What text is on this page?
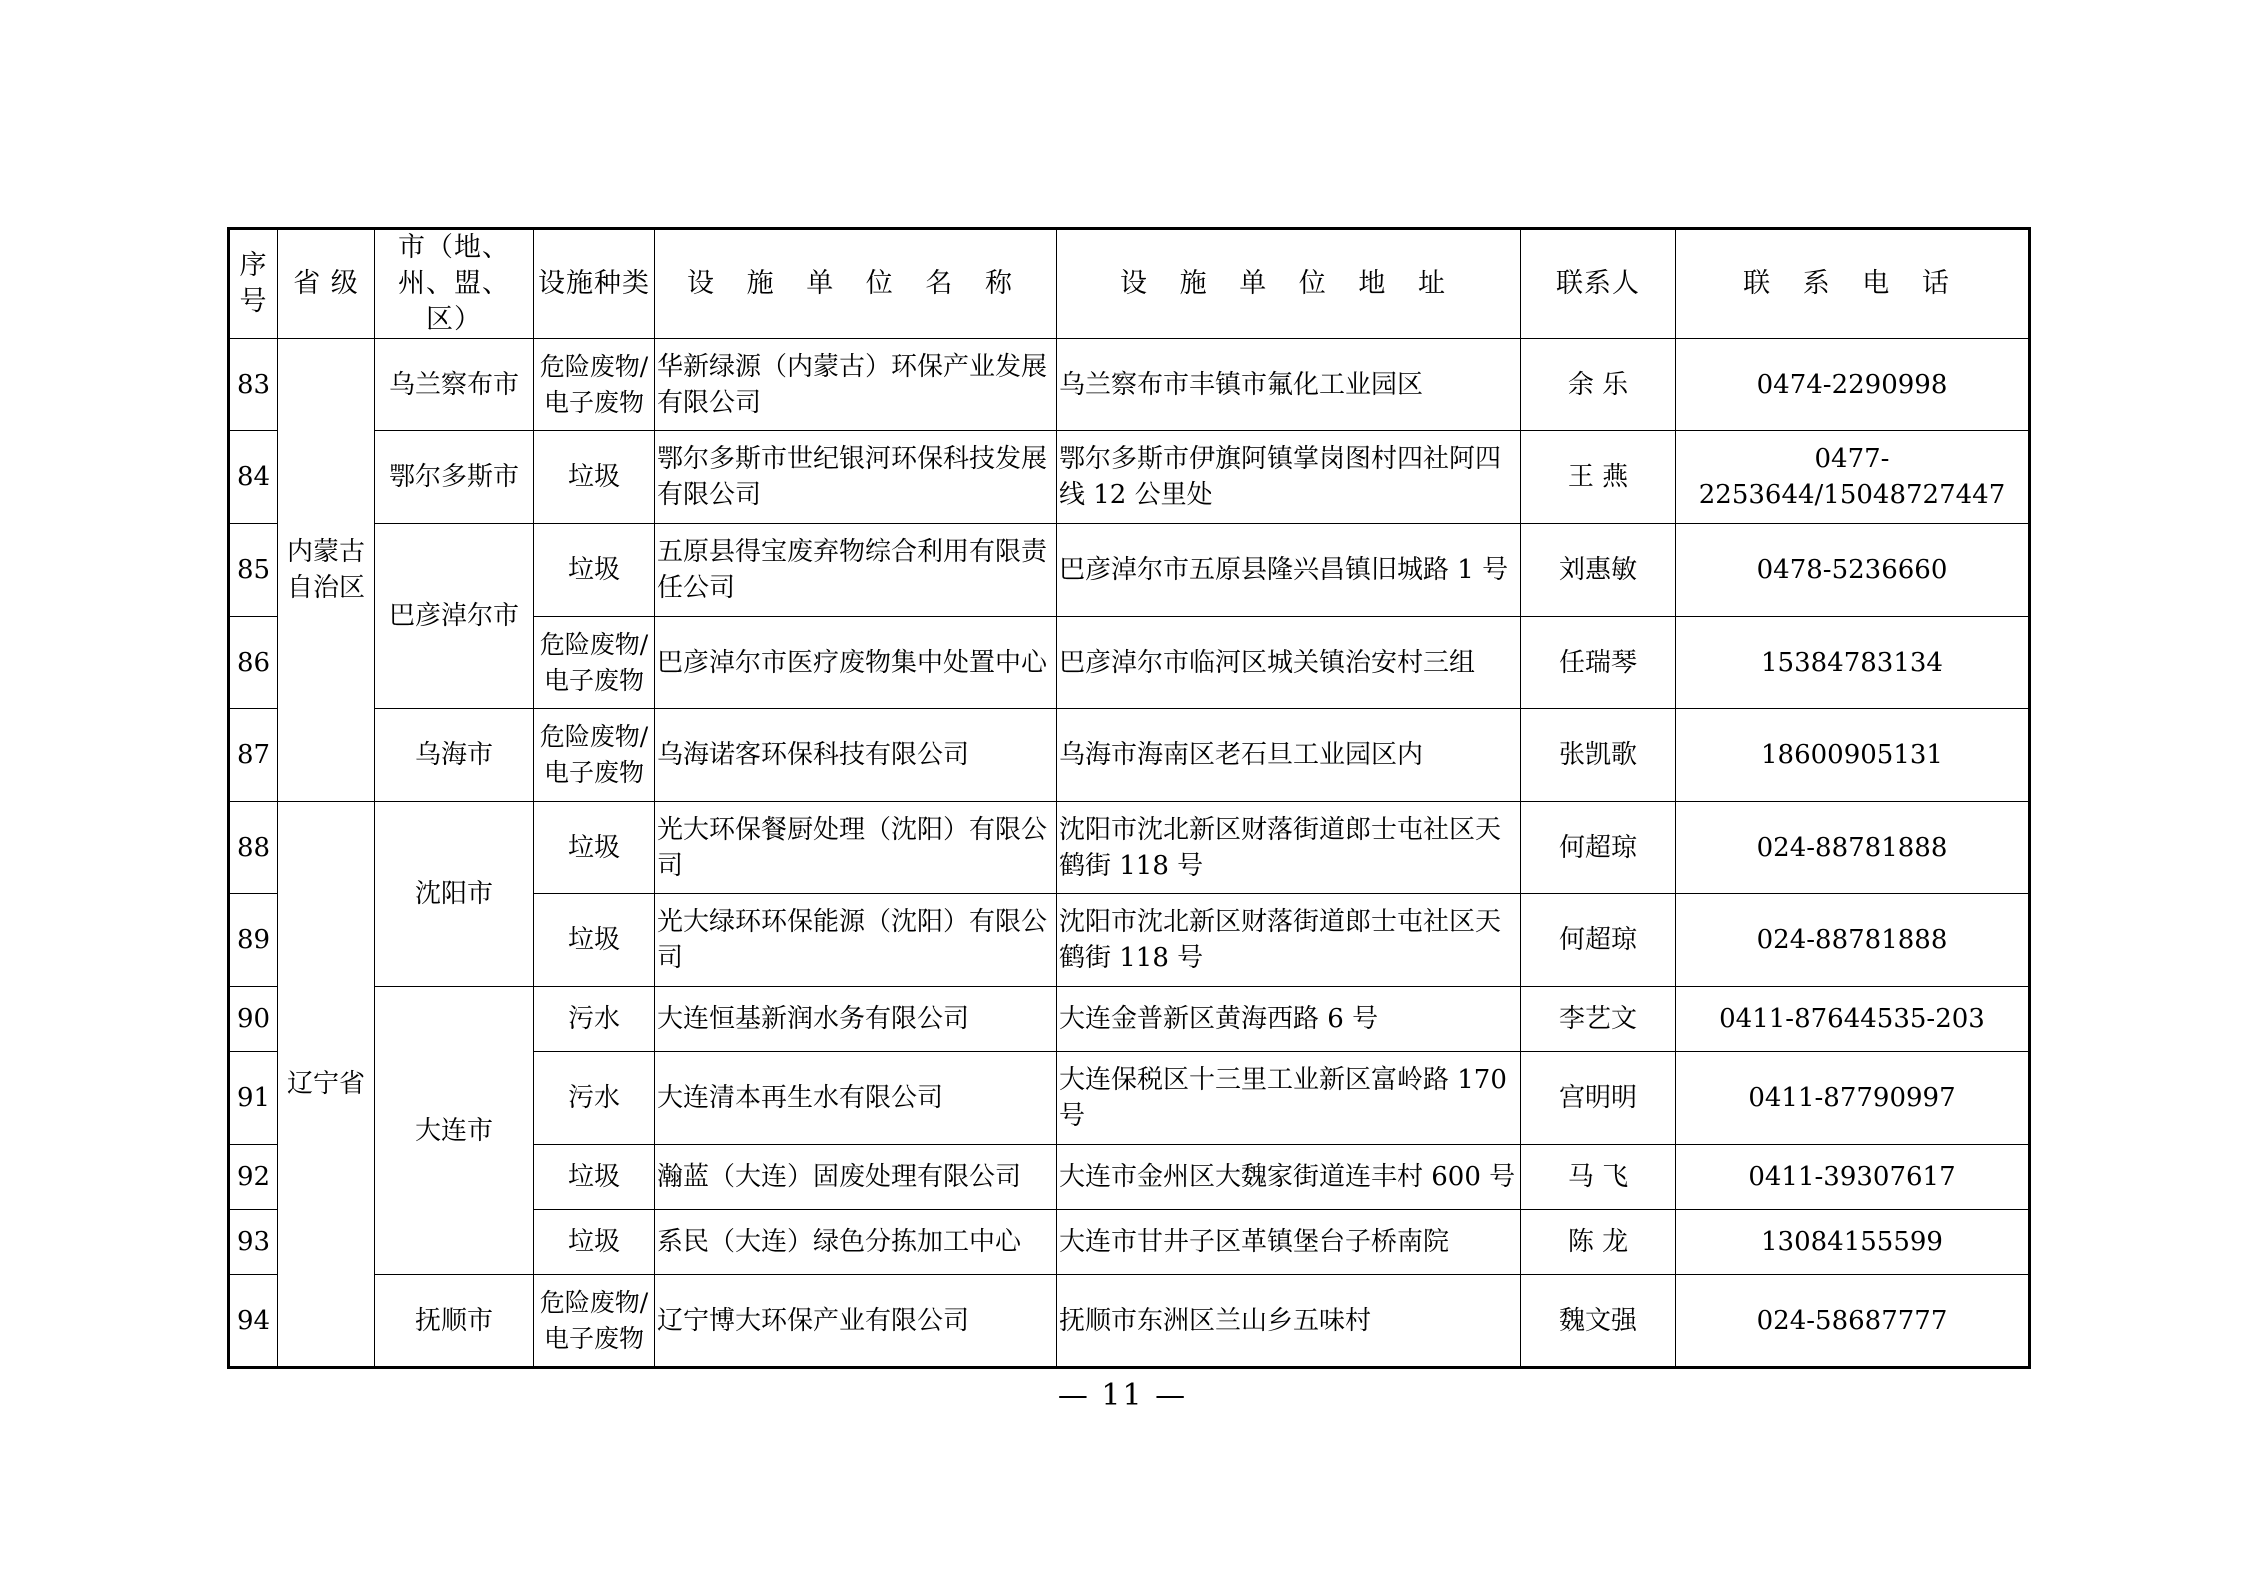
序号	省 级	市（地、州、盟、区）	设施种类	设 施 单 位 名 称	设 施 单 位 地 址	联系人	联 系 电 话
83	内蒙古自治区	乌兰察布市	危险废物/电子废物	华新绿源（内蒙古）环保产业发展有限公司	乌兰察布市丰镇市氟化工业园区	余 乐	0474-2290998
84		鄂尔多斯市	垃圾	鄂尔多斯市世纪银河环保科技发展有限公司	鄂尔多斯市伊旗阿镇掌岗图村四社阿四线 12 公里处	王 燕	0477-2253644/15048727447
85		巴彦淖尔市	垃圾	五原县得宝废弃物综合利用有限责任公司	巴彦淖尔市五原县隆兴昌镇旧城路 1 号	刘惠敏	0478-5236660
86			危险废物/电子废物	巴彦淖尔市医疗废物集中处置中心	巴彦淖尔市临河区城关镇治安村三组	任瑞琴	15384783134
87		乌海市	危险废物/电子废物	乌海诺客环保科技有限公司	乌海市海南区老石旦工业园区内	张凯歌	18600905131
88	辽宁省	沈阳市	垃圾	光大环保餐厨处理（沈阳）有限公司	沈阳市沈北新区财落街道郎士屯社区天鹤街 118 号	何超琼	024-88781888
89			垃圾	光大绿环环保能源（沈阳）有限公司	沈阳市沈北新区财落街道郎士屯社区天鹤街 118 号	何超琼	024-88781888
90		大连市	污水	大连恒基新润水务有限公司	大连金普新区黄海西路 6 号	李艺文	0411-87644535-203
91			污水	大连清本再生水有限公司	大连保税区十三里工业新区富岭路 170 号	宫明明	0411-87790997
92			垃圾	瀚蓝（大连）固废处理有限公司	大连市金州区大魏家街道连丰村 600 号	马 飞	0411-39307617
93			垃圾	系民（大连）绿色分拣加工中心	大连市甘井子区革镇堡台子桥南院	陈 龙	13084155599
94		抚顺市	危险废物/电子废物	辽宁博大环保产业有限公司	抚顺市东洲区兰山乡五味村	魏文强	024-58687777
— 11 —
